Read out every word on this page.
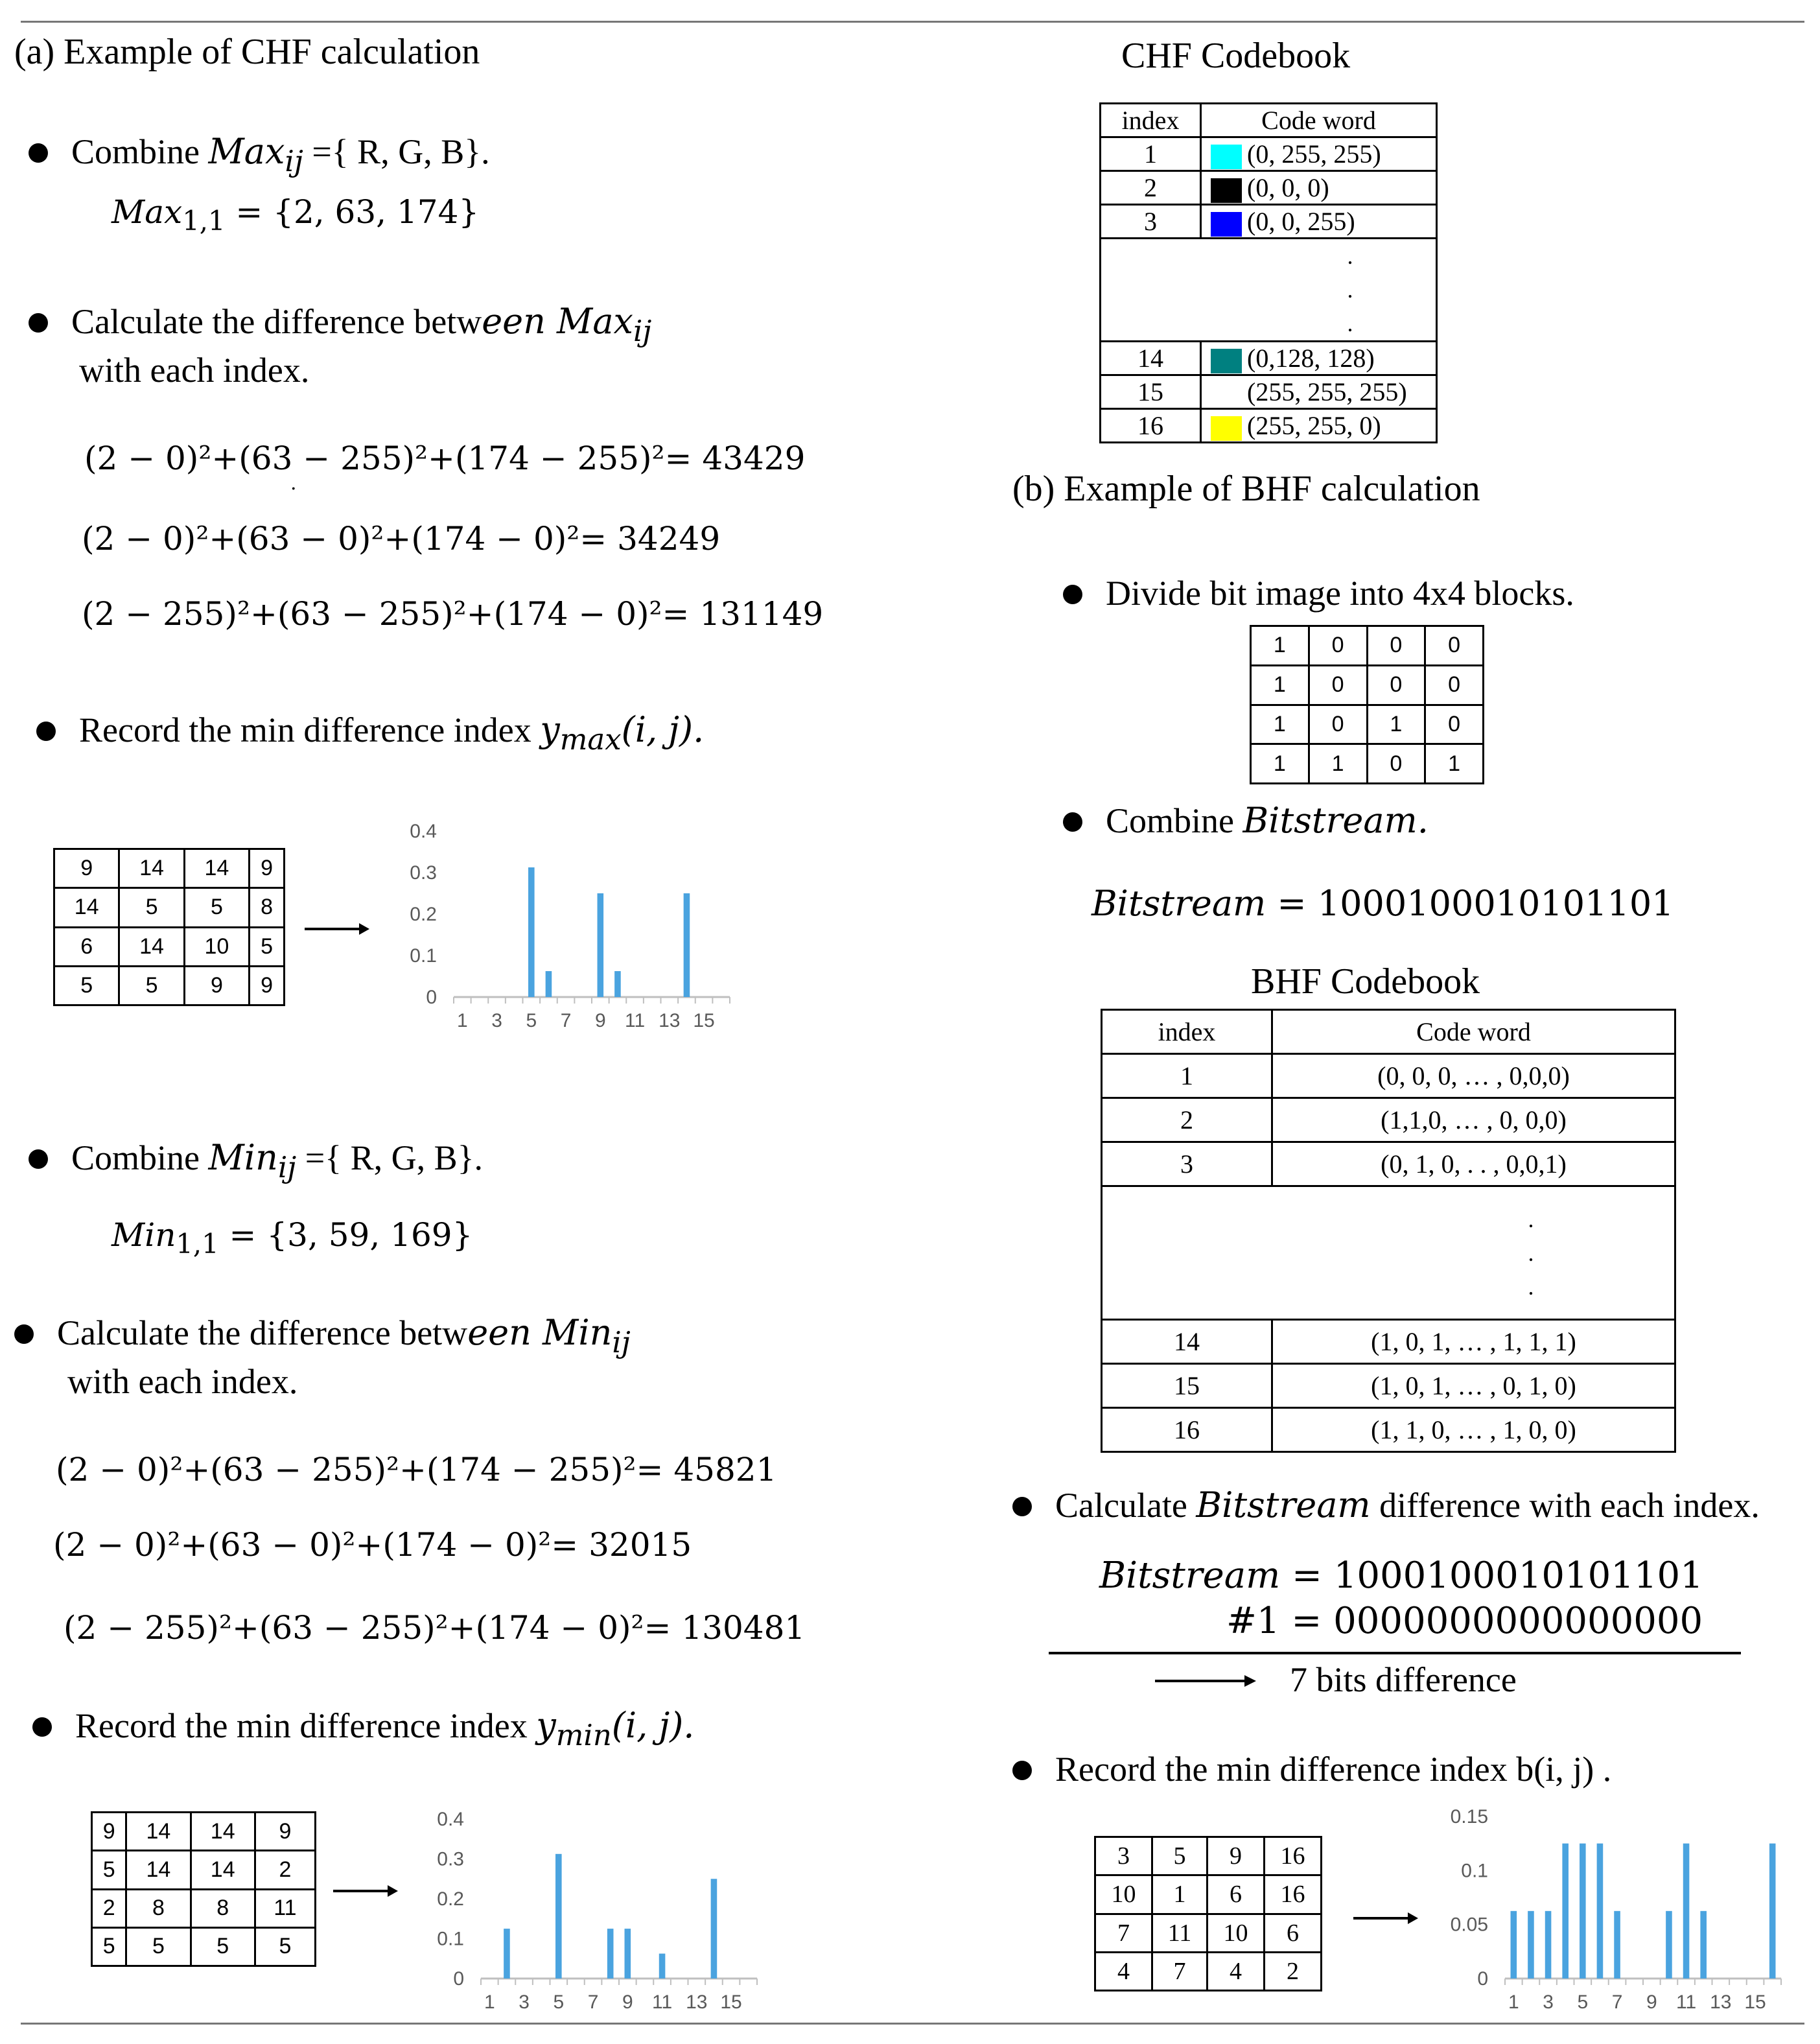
(a) Example of CHF calculation
Combine Max$_{ij}$ ={ R, G, B}.
Max$_{1,1}$ = {2, 63, 174}
Calculate the difference between Max$_{ij}$
with each index.
(2 − 0)²+(63 − 255)²+(174 − 255)²= 43429
.
(2 − 0)²+(63 − 0)²+(174 − 0)²= 34249
(2 − 255)²+(63 − 255)²+(174 − 0)²= 131149
Record the min difference index $y_{max}(i$, j).
9	14	14	9
14	5	5	8
6	14	10	5
5	5	9	9	0
0.1
0.2
0.3
0.4
1 3 5 7 9 11 13 15
Combine Min$_{ij}$ ={ R, G, B}.
Min$_{1,1}$ = {3, 59, 169}
Calculate the difference between Min$_{ij}$
with each index.
(2 − 0)²+(63 − 255)²+(174 − 255)²= 45821
(2 − 0)²+(63 − 0)²+(174 − 0)²= 32015
(2 − 255)²+(63 − 255)²+(174 − 0)²= 130481
Record the min difference index $y_{min}(i$, j).
9	14	14	9
5	14	14	2
2	8	8	11
5	5	5	5
0
0.1
0.2
0.3
0.4
1 3 5 7 9 11 13 15
CHF Codebook
index	Code word
1	(0, 255, 255)
2	(0, 0, 0)
3	(0, 0, 255)
.
.
.	
14	(0,128, 128)
15	(255, 255, 255)
16	(255, 255, 0)
(b) Example of BHF calculation
Divide bit image into 4x4 blocks.
1	0	0	0
1	0	0	0
1	0	1	0
1	1	0	1
Combine Bitstream.
Bitstream = 1000100010101101
BHF Codebook
index	Code word
1	(0, 0, 0, … , 0,0,0)
2	(1,1,0, … , 0, 0,0)
3	(0, 1, 0, . . , 0,0,1)
.
.
.	
14	(1, 0, 1, … , 1, 1, 1)
15	(1, 0, 1, … , 0, 1, 0)
16	(1, 1, 0, … , 1, 0, 0)
Calculate Bitstream difference with each index.
Bitstream = 1000100010101101
#1 = 0000000000000000
7 bits difference
Record the min difference index b(i, j) .
3	5	9	16
10	1	6	16
7	11	10	6
4	7	4	2	0
0.05
0.1
0.15
1 3 5 7 9 11 13 15
